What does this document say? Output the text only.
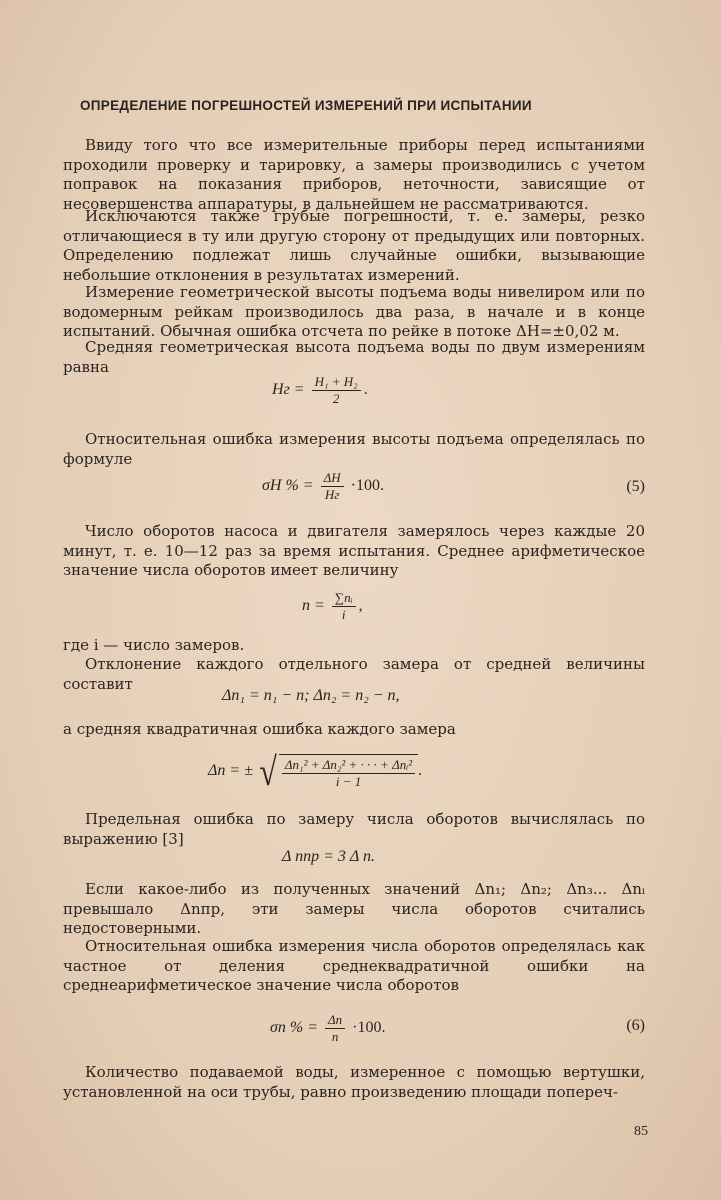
ОПРЕДЕЛЕНИЕ ПОГРЕШНОСТЕЙ ИЗМЕРЕНИЙ ПРИ ИСПЫТАНИИ
Ввиду того что все измерительные приборы перед испытаниями проходили проверку и тарировку, а замеры производились с учетом поправок на показания приборов, неточности, зависящие от несовершенства аппаратуры, в дальнейшем не рассматриваются.
Исключаются также грубые погрешности, т. е. замеры, резко отличающиеся в ту или другую сторону от предыдущих или повторных. Определению подлежат лишь случайные ошибки, вызывающие небольшие отклонения в результатах измерений.
Измерение геометрической высоты подъема воды нивелиром или по водомерным рейкам производилось два раза, в начале и в конце испытаний. Обычная ошибка отсчета по рейке в потоке ΔH=±0,02 м.
Средняя геометрическая высота подъема воды по двум измерениям равна
Hг = $\frac{\text{H₁ + H₂}}{2}$ .
Относительная ошибка измерения высоты подъема определялась по формуле
σH % = $\frac{\Delta H}{Hг} \cdot 100$.	(5)
Число оборотов насоса и двигателя замерялось через каждые 20 минут, т. е. 10—12 раз за время испытания. Среднее арифметическое значение числа оборотов имеет величину
$n = \frac{\text{∑nᵢ}}{i}$ ,
где i — число замеров.
Отклонение каждого отдельного замера от средней величины составит
Δn₁ = n₁ − n; Δn₂ = n₂ − n,
а средняя квадратичная ошибка каждого замера
Δn = ± √ $\frac{\text{Δn₁² + Δn₂² + · · · + Δnᵢ²}}{i - 1}$ .
Предельная ошибка по замеру числа оборотов вычислялась по выражению [3]
Δ nпр = 3 Δ n.
Если какое-либо из полученных значений Δn₁; Δn₂; Δn₃... Δnᵢ превышало Δnпр, эти замеры числа оборотов считались недостоверными.
Относительная ошибка измерения числа оборотов определялась как частное от деления среднеквадратичной ошибки на среднеарифметическое значение числа оборотов
σn % = $\frac{\Delta n}{n} \cdot 100$.	(6)
Количество подаваемой воды, измеренное с помощью вертушки, установленной на оси трубы, равно произведению площади попереч-
85
